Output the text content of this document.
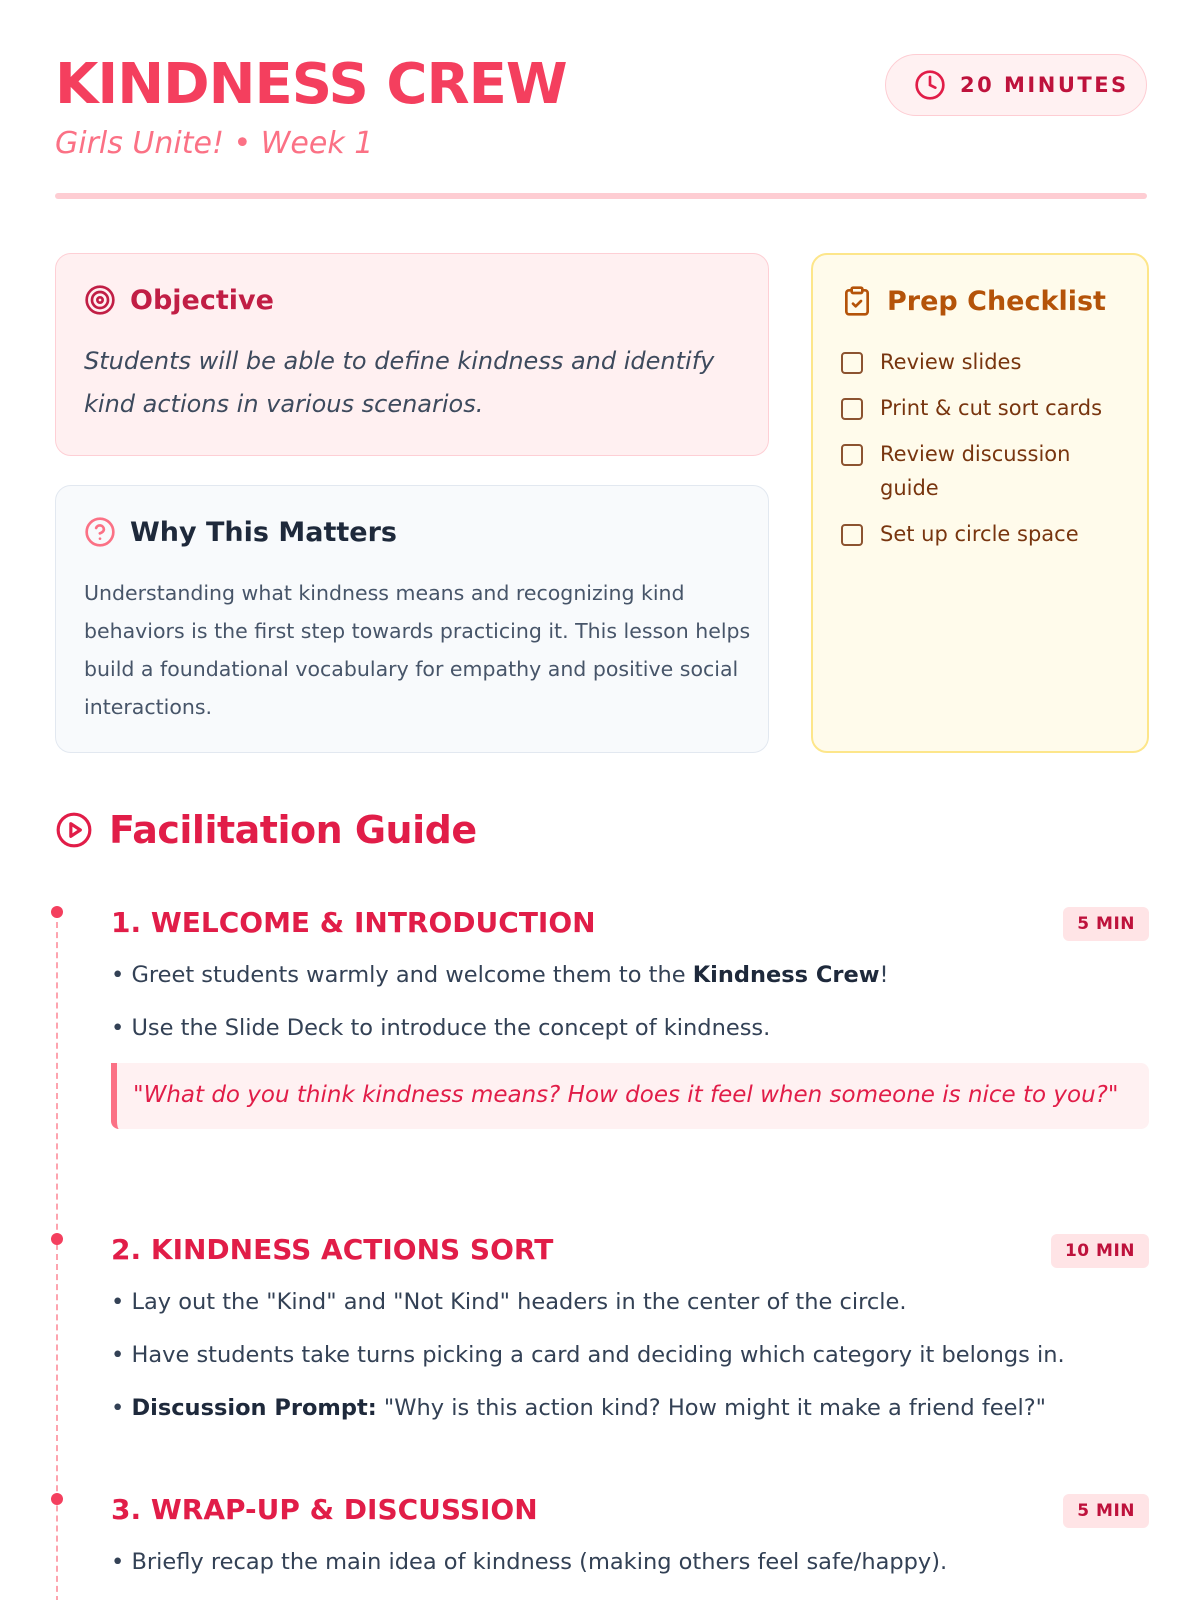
KINDNESS CREW
Girls Unite! • Week 1
20 MINUTES
Objective

Students will be able to define kindness and identify kind actions in various scenarios.

Why This Matters

Understanding what kindness means and recognizing kind behaviors is the first step towards practicing it. This lesson helps build a foundational vocabulary for empathy and positive social interactions.

Prep Checklist
Review slides
Print & cut sort cards
Review discussion guide
Set up circle space
Facilitation Guide
1. WELCOME & INTRODUCTION	5 MIN
• Greet students warmly and welcome them to the Kindness Crew!
• Use the Slide Deck to introduce the concept of kindness.
"What do you think kindness means? How does it feel when someone is nice to you?"
2. KINDNESS ACTIONS SORT	10 MIN
• Lay out the "Kind" and "Not Kind" headers in the center of the circle.
• Have students take turns picking a card and deciding which category it belongs in.
• Discussion Prompt: "Why is this action kind? How might it make a friend feel?"
3. WRAP-UP & DISCUSSION	5 MIN
• Briefly recap the main idea of kindness (making others feel safe/happy).
